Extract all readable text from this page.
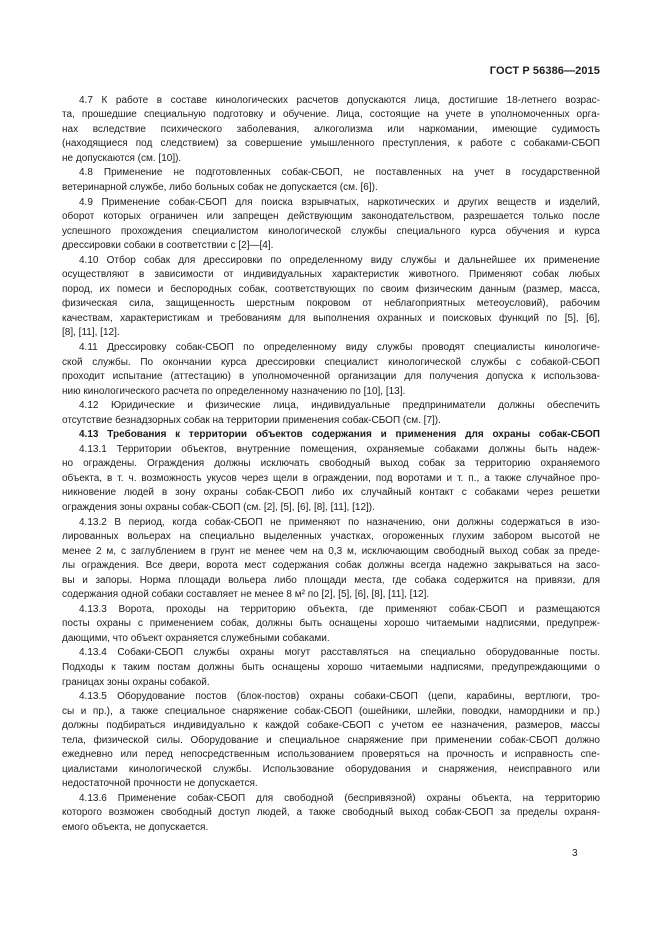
ГОСТ Р 56386—2015
4.7 К работе в составе кинологических расчетов допускаются лица, достигшие 18-летнего возрас-
та, прошедшие специальную подготовку и обучение. Лица, состоящие на учете в уполномоченных орга-
нах вследствие психического заболевания, алкоголизма или наркомании, имеющие судимость
(находящиеся под следствием) за совершение умышленного преступления, к работе с собаками-СБОП
не допускаются (см. [10]).
4.8 Применение не подготовленных собак-СБОП, не поставленных на учет в государственной
ветеринарной службе, либо больных собак не допускается (см. [6]).
4.9 Применение собак-СБОП для поиска взрывчатых, наркотических и других веществ и изделий,
оборот которых ограничен или запрещен действующим законодательством, разрешается только после
успешного прохождения специалистом кинологической службы специального курса обучения и курса
дрессировки собаки в соответствии с [2]—[4].
4.10 Отбор собак для дрессировки по определенному виду службы и дальнейшее их применение
осуществляют в зависимости от индивидуальных характеристик животного. Применяют собак любых
пород, их помеси и беспородных собак, соответствующих по своим физическим данным (размер, масса,
физическая сила, защищенность шерстным покровом от неблагоприятных метеоусловий), рабочим
качествам, характеристикам и требованиям для выполнения охранных и поисковых функций по [5], [6],
[8], [11], [12].
4.11 Дрессировку собак-СБОП по определенному виду службы проводят специалисты кинологиче-
ской службы. По окончании курса дрессировки специалист кинологической службы с собакой-СБОП
проходит испытание (аттестацию) в уполномоченной организации для получения допуска к использова-
нию кинологического расчета по определенному назначению по [10], [13].
4.12 Юридические и физические лица, индивидуальные предприниматели должны обеспечить
отсутствие безнадзорных собак на территории применения собак-СБОП (см. [7]).
4.13 Требования к территории объектов содержания и применения для охраны собак-СБОП
4.13.1 Территории объектов, внутренние помещения, охраняемые собаками должны быть надеж-
но ограждены. Ограждения должны исключать свободный выход собак за территорию охраняемого
объекта, в т. ч. возможность укусов через щели в ограждении, под воротами и т. п., а также случайное про-
никновение людей в зону охраны собак-СБОП либо их случайный контакт с собаками через решетки
ограждения зоны охраны собак-СБОП (см. [2], [5], [6], [8], [11], [12]).
4.13.2 В период, когда собак-СБОП не применяют по назначению, они должны содержаться в изо-
лированных вольерах на специально выделенных участках, огороженных глухим забором высотой не
менее 2 м, с заглублением в грунт не менее чем на 0,3 м, исключающим свободный выход собак за преде-
лы ограждения. Все двери, ворота мест содержания собак должны всегда надежно закрываться на засо-
вы и запоры. Норма площади вольера либо площади места, где собака содержится на привязи, для
содержания одной собаки составляет не менее 8 м² по [2], [5], [6], [8], [11], [12].
4.13.3 Ворота, проходы на территорию объекта, где применяют собак-СБОП и размещаются
посты охраны с применением собак, должны быть оснащены хорошо читаемыми надписями, предупреж-
дающими, что объект охраняется служебными собаками.
4.13.4 Собаки-СБОП службы охраны могут расставляться на специально оборудованные посты.
Подходы к таким постам должны быть оснащены хорошо читаемыми надписями, предупреждающими о
границах зоны охраны собакой.
4.13.5 Оборудование постов (блок-постов) охраны собаки-СБОП (цепи, карабины, вертлюги, тро-
сы и пр.), а также специальное снаряжение собак-СБОП (ошейники, шлейки, поводки, намордники и пр.)
должны подбираться индивидуально к каждой собаке-СБОП с учетом ее назначения, размеров, массы
тела, физической силы. Оборудование и специальное снаряжение при применении собак-СБОП должно
ежедневно или перед непосредственным использованием проверяться на прочность и исправность спе-
циалистами кинологической службы. Использование оборудования и снаряжения, неисправного или
недостаточной прочности не допускается.
4.13.6 Применение собак-СБОП для свободной (беспривязной) охраны объекта, на территорию
которого возможен свободный доступ людей, а также свободный выход собак-СБОП за пределы охраня-
емого объекта, не допускается.
3
